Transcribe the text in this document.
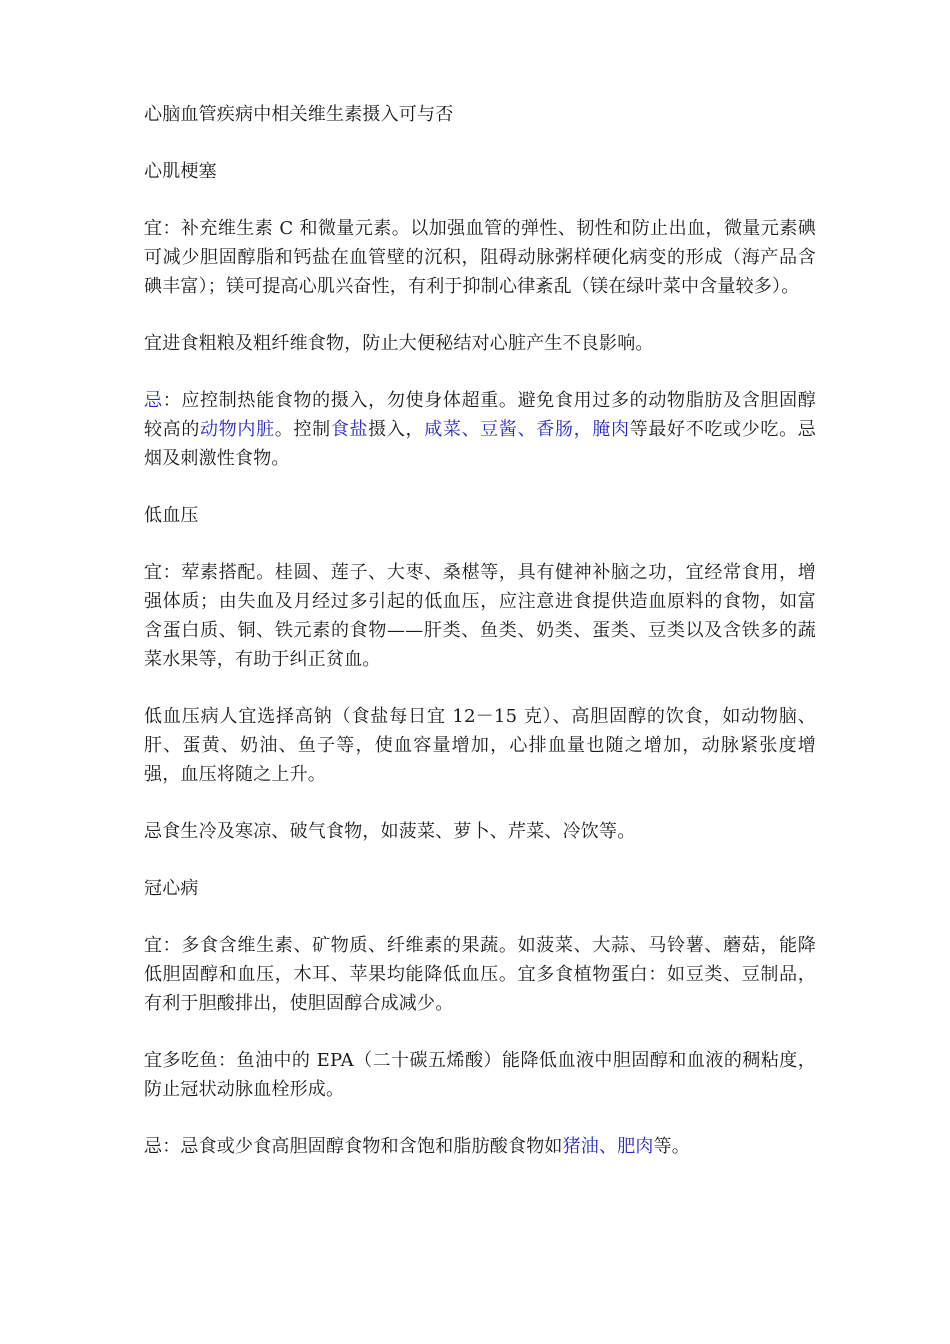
心脑血管疾病中相关维生素摄入可与否

心肌梗塞

宜：补充维生素 C 和微量元素。以加强血管的弹性、韧性和防止出血，微量元素碘可减少胆固醇脂和钙盐在血管壁的沉积，阻碍动脉粥样硬化病变的形成（海产品含碘丰富）；镁可提高心肌兴奋性，有利于抑制心律紊乱（镁在绿叶菜中含量较多）。

宜进食粗粮及粗纤维食物，防止大便秘结对心脏产生不良影响。

忌：应控制热能食物的摄入，勿使身体超重。避免食用过多的动物脂肪及含胆固醇较高的动物内脏。控制食盐摄入，咸菜、豆酱、香肠，腌肉等最好不吃或少吃。忌烟及刺激性食物。

低血压

宜：荤素搭配。桂圆、莲子、大枣、桑椹等，具有健神补脑之功，宜经常食用，增强体质；由失血及月经过多引起的低血压，应注意进食提供造血原料的食物，如富含蛋白质、铜、铁元素的食物——肝类、鱼类、奶类、蛋类、豆类以及含铁多的蔬菜水果等，有助于纠正贫血。

低血压病人宜选择高钠（食盐每日宜 12－15 克）、高胆固醇的饮食，如动物脑、肝、蛋黄、奶油、鱼子等，使血容量增加，心排血量也随之增加，动脉紧张度增强，血压将随之上升。

忌食生冷及寒凉、破气食物，如菠菜、萝卜、芹菜、冷饮等。

冠心病

宜：多食含维生素、矿物质、纤维素的果蔬。如菠菜、大蒜、马铃薯、蘑菇，能降低胆固醇和血压，木耳、苹果均能降低血压。宜多食植物蛋白：如豆类、豆制品，有利于胆酸排出，使胆固醇合成减少。

宜多吃鱼：鱼油中的 EPA（二十碳五烯酸）能降低血液中胆固醇和血液的稠粘度，防止冠状动脉血栓形成。

忌：忌食或少食高胆固醇食物和含饱和脂肪酸食物如猪油、肥肉等。
